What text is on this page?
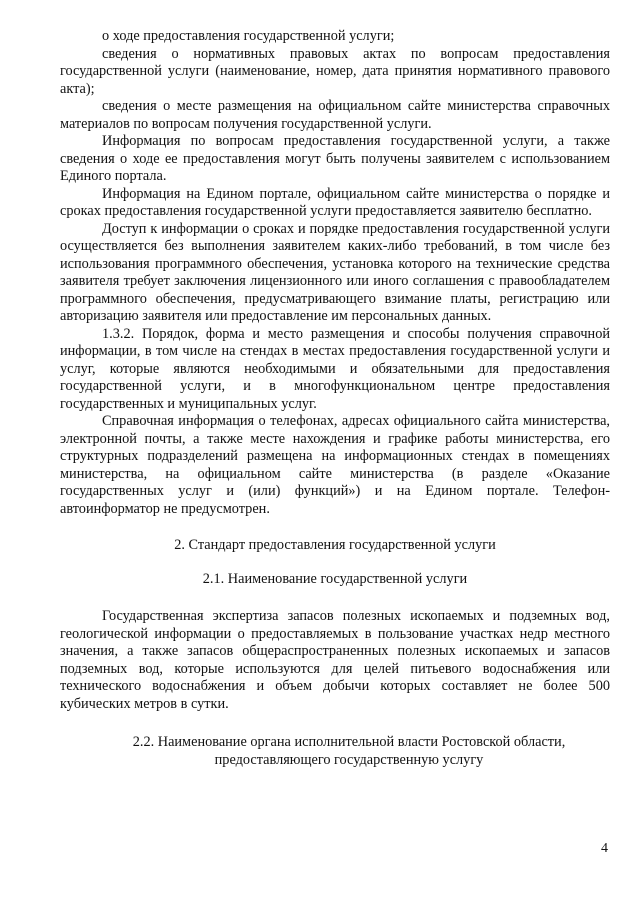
о ходе предоставления государственной услуги;

сведения о нормативных правовых актах по вопросам предоставления государственной услуги (наименование, номер, дата принятия нормативного правового акта);

сведения о месте размещения на официальном сайте министерства справочных материалов по вопросам получения государственной услуги.

Информация по вопросам предоставления государственной услуги, а также сведения о ходе ее предоставления могут быть получены заявителем с использованием Единого портала.

Информация на Едином портале, официальном сайте министерства о порядке и сроках предоставления государственной услуги предоставляется заявителю бесплатно.

Доступ к информации о сроках и порядке предоставления государственной услуги осуществляется без выполнения заявителем каких-либо требований, в том числе без использования программного обеспечения, установка которого на технические средства заявителя требует заключения лицензионного или иного соглашения с правообладателем программного обеспечения, предусматривающего взимание платы, регистрацию или авторизацию заявителя или предоставление им персональных данных.

1.3.2. Порядок, форма и место размещения и способы получения справочной информации, в том числе на стендах в местах предоставления государственной услуги и услуг, которые являются необходимыми и обязательными для предоставления государственной услуги, и в многофункциональном центре предоставления государственных и муниципальных услуг.

Справочная информация о телефонах, адресах официального сайта министерства, электронной почты, а также месте нахождения и графике работы министерства, его структурных подразделений размещена на информационных стендах в помещениях министерства, на официальном сайте министерства (в разделе «Оказание государственных услуг и (или) функций») и на Едином портале. Телефон-автоинформатор не предусмотрен.

2. Стандарт предоставления государственной услуги

2.1. Наименование государственной услуги

Государственная экспертиза запасов полезных ископаемых и подземных вод, геологической информации о предоставляемых в пользование участках недр местного значения, а также запасов общераспространенных полезных ископаемых и запасов подземных вод, которые используются для целей питьевого водоснабжения или технического водоснабжения и объем добычи которых составляет не более 500 кубических метров в сутки.

2.2. Наименование органа исполнительной власти Ростовской области, предоставляющего государственную услугу

4
